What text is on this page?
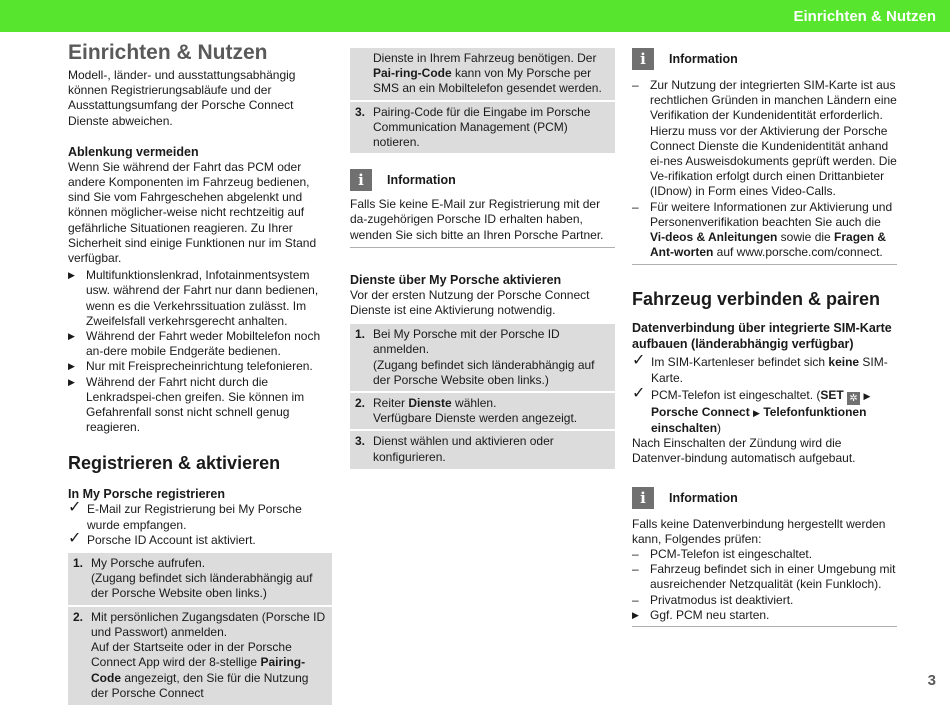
Einrichten & Nutzen
Einrichten & Nutzen

Modell-, länder- und ausstattungsabhängig können Registrierungsabläufe und der Ausstattungsumfang der Porsche Connect Dienste abweichen.

Ablenkung vermeiden

Wenn Sie während der Fahrt das PCM oder andere Komponenten im Fahrzeug bedienen, sind Sie vom Fahrgeschehen abgelenkt und können möglicher-weise nicht rechtzeitig auf gefährliche Situationen reagieren. Zu Ihrer Sicherheit sind einige Funktionen nur im Stand verfügbar.

▶ Multifunktionslenkrad, Infotainmentsystem usw. während der Fahrt nur dann bedienen, wenn es die Verkehrssituation zulässt. Im Zweifelsfall verkehrsgerecht anhalten.
▶ Während der Fahrt weder Mobiltelefon noch an-dere mobile Endgeräte bedienen.
▶ Nur mit Freisprecheinrichtung telefonieren.
▶ Während der Fahrt nicht durch die Lenkradspei-chen greifen. Sie können im Gefahrenfall sonst nicht schnell genug reagieren.
Registrieren & aktivieren
In My Porsche registrieren
✓ E-Mail zur Registrierung bei My Porsche wurde empfangen.
✓ Porsche ID Account ist aktiviert.
1. My Porsche aufrufen.
(Zugang befindet sich länderabhängig auf der Porsche Website oben links.)
2. Mit persönlichen Zugangsdaten (Porsche ID und Passwort) anmelden.
Auf der Startseite oder in der Porsche Connect App wird der 8-stellige Pairing-Code angezeigt, den Sie für die Nutzung der Porsche Connect
Dienste in Ihrem Fahrzeug benötigen. Der Pai-ring-Code kann von My Porsche per SMS an ein Mobiltelefon gesendet werden.
3. Pairing-Code für die Eingabe im Porsche Communication Management (PCM) notieren.
i	Information

Falls Sie keine E-Mail zur Registrierung mit der da-zugehörigen Porsche ID erhalten haben, wenden Sie sich bitte an Ihren Porsche Partner.

Dienste über My Porsche aktivieren

Vor der ersten Nutzung der Porsche Connect Dienste ist eine Aktivierung notwendig.

1. Bei My Porsche mit der Porsche ID anmelden.
(Zugang befindet sich länderabhängig auf der Porsche Website oben links.)
2. Reiter Dienste wählen.
Verfügbare Dienste werden angezeigt.
3. Dienst wählen und aktivieren oder konfigurieren.
i	Information
– Zur Nutzung der integrierten SIM-Karte ist aus rechtlichen Gründen in manchen Ländern eine Verifikation der Kundenidentität erforderlich. Hierzu muss vor der Aktivierung der Porsche Connect Dienste die Kundenidentität anhand ei-nes Ausweisdokuments geprüft werden. Die Ve-rifikation erfolgt durch einen Drittanbieter (IDnow) in Form eines Video-Calls.
– Für weitere Informationen zur Aktivierung und Personenverifikation beachten Sie auch die Vi-deos & Anleitungen sowie die Fragen & Ant-worten auf www.porsche.com/connect.
Fahrzeug verbinden & pairen
Datenverbindung über integrierte SIM-Karte aufbauen (länderabhängig verfügbar)
✓ Im SIM-Kartenleser befindet sich keine SIM-Karte.
✓ PCM-Telefon ist eingeschaltet. (SET ✲ ▶ Porsche Connect ▶ Telefonfunktionen einschalten)

Nach Einschalten der Zündung wird die Datenver-bindung automatisch aufgebaut.

i	Information

Falls keine Datenverbindung hergestellt werden kann, Folgendes prüfen:

– PCM-Telefon ist eingeschaltet.
– Fahrzeug befindet sich in einer Umgebung mit ausreichender Netzqualität (kein Funkloch).
– Privatmodus ist deaktiviert.
▶ Ggf. PCM neu starten.
3
